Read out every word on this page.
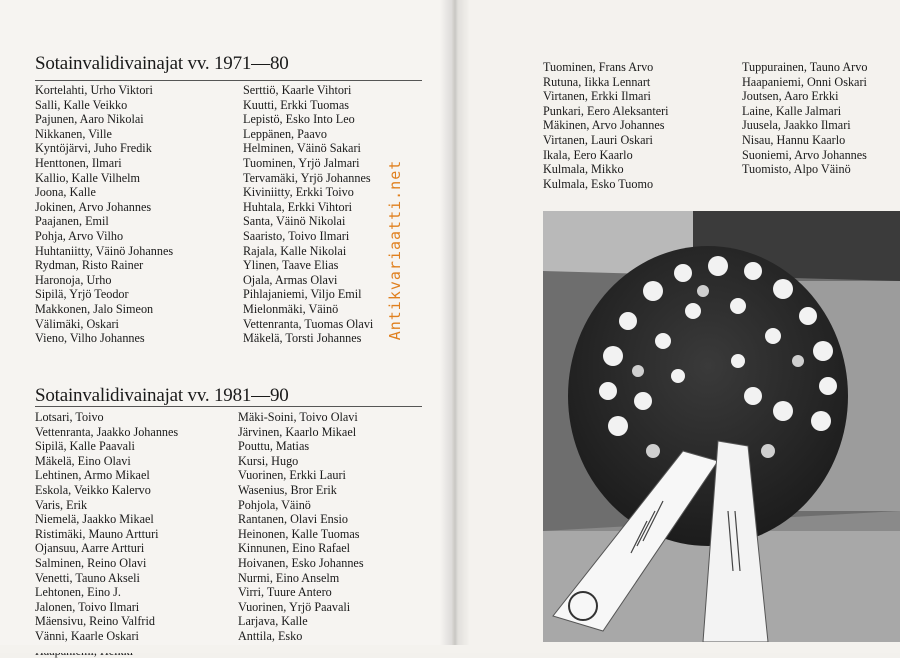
Sotainvalidivainajat vv. 1971—80
Kortelahti, Urho Viktori
Salli, Kalle Veikko
Pajunen, Aaro Nikolai
Nikkanen, Ville
Kyntöjärvi, Juho Fredik
Henttonen, Ilmari
Kallio, Kalle Vilhelm
Joona, Kalle
Jokinen, Arvo Johannes
Paajanen, Emil
Pohja, Arvo Vilho
Huhtaniitty, Väinö Johannes
Rydman, Risto Rainer
Haronoja, Urho
Sipilä, Yrjö Teodor
Makkonen, Jalo Simeon
Välimäki, Oskari
Vieno, Vilho Johannes
Serttiö, Kaarle Vihtori
Kuutti, Erkki Tuomas
Lepistö, Esko Into Leo
Leppänen, Paavo
Helminen, Väinö Sakari
Tuominen, Yrjö Jalmari
Tervamäki, Yrjö Johannes
Kiviniitty, Erkki Toivo
Huhtala, Erkki Vihtori
Santa, Väinö Nikolai
Saaristo, Toivo Ilmari
Rajala, Kalle Nikolai
Ylinen, Taave Elias
Ojala, Armas Olavi
Pihlajaniemi, Viljo Emil
Mielonmäki, Väinö
Vettenranta, Tuomas Olavi
Mäkelä, Torsti Johannes
Sotainvalidivainajat vv. 1981—90
Lotsari, Toivo
Vettenranta, Jaakko Johannes
Sipilä, Kalle Paavali
Mäkelä, Eino Olavi
Lehtinen, Armo Mikael
Eskola, Veikko Kalervo
Varis, Erik
Niemelä, Jaakko Mikael
Ristimäki, Mauno Artturi
Ojansuu, Aarre Artturi
Salminen, Reino Olavi
Venetti, Tauno Akseli
Lehtonen, Eino J.
Jalonen, Toivo Ilmari
Mäensivu, Reino Valfrid
Vänni, Kaarle Oskari
Mäki-Soini, Toivo Olavi
Järvinen, Kaarlo Mikael
Pouttu, Matias
Kursi, Hugo
Vuorinen, Erkki Lauri
Wasenius, Bror Erik
Pohjola, Väinö
Rantanen, Olavi Ensio
Heinonen, Kalle Tuomas
Kinnunen, Eino Rafael
Hoivanen, Esko Johannes
Nurmi, Eino Anselm
Virri, Tuure Antero
Vuorinen, Yrjö Paavali
Larjava, Kalle
Anttila, Esko
Tuominen, Frans Arvo
Rutuna, Iikka Lennart
Virtanen, Erkki Ilmari
Punkari, Eero Aleksanteri
Mäkinen, Arvo Johannes
Virtanen, Lauri Oskari
Ikala, Eero Kaarlo
Kulmala, Mikko
Kulmala, Esko Tuomo
Tuppurainen, Tauno Arvo
Haapaniemi, Onni Oskari
Joutsen, Aaro Erkki
Laine, Kalle Jalmari
Juusela, Jaakko Ilmari
Nisau, Hannu Kaarlo
Suoniemi, Arvo Johannes
Tuomisto, Alpo Väinö
Antikvariaatti.net
